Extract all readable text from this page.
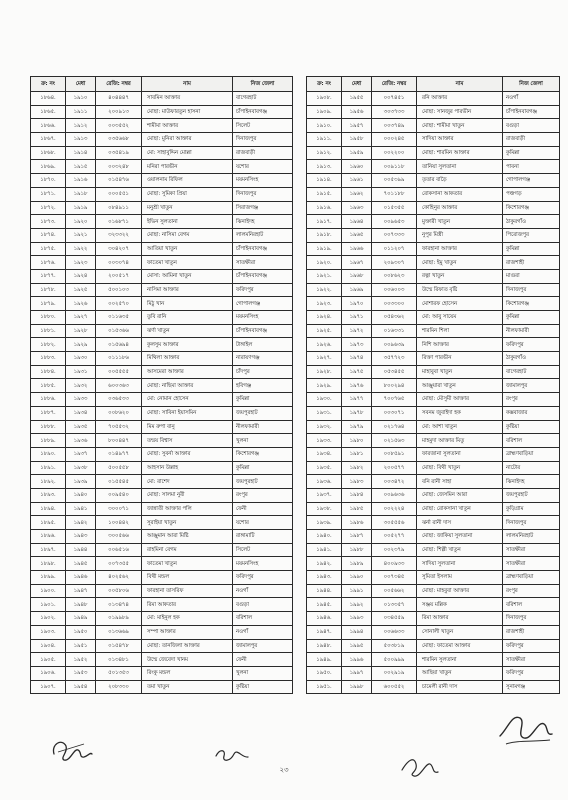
ক্র: নং	মেধা	রেজি: নম্বর	নাম	নিজ জেলা
১৮৬৪.	১৯১০	৪০৪৪৪৭	সাবমিন আক্তার	বাগেরহাট
১৮৬৫.	১৯১১	২০০৯১৩	মোছা: মাউফারতুন হাসনা	চাঁপাইনবাবগঞ্জ
১৮৬৬.	১৯১২	০০৩৫৫২	শামীমা আক্তার	সিলেট
১৮৬৭.	১৯১৩	০৩৫৬৬৮	মোছা: মুনিরা আক্তার	দিনাজপুর
১৮৬৮.	১৯১৪	০৩৫৪১৯	মো: সাহাবুদ্দিন মোল্লা	রাজবাড়ী
১৮৬৯.	১৯১৫	০০৩২৪৮	মনিরা পারভীন	যশোর
১৮৭০.	১৯১৬	০১৫৪৭৬	ওয়ালনাম রিফিল	ময়মনসিংহ
১৮৭১.	১৯১৮	০০০৫৫১	মোছা: সুমিকা প্রিয়া	দিনাজপুর
১৮৭২.	১৯১৯	০৮৪৯১১	মনুশ্রী খাতুন	সিরাজগঞ্জ
১৮৭৩.	১৯২০	০১৬৮৭১	ইভিন সুলতানা	ঝিনাইদহ
১৮৭৪.	১৯২১	৩২৩৩২২	মোছা: নাসিমা বেগম	লালমনিরহাট
১৮৭৫.	১৯২২	৩০৪২০৭	আতিয়া খাতুন	চাঁপাইনবাবগঞ্জ
১৮৭৬.	১৯২৩	০০৩০৭৪	ফাতেমা খাতুন	সাতক্ষীরা
১৮৭৭.	১৯২৪	২০০৫১৭	মোসা: আমিনা খাতুন	চাঁপাইনবাবগঞ্জ
১৮৭৮.	১৯২৫	৫০০১০৩	নাসিমা আক্তার	ফরিদপুর
১৮৭৯.	১৯২৬	০০২৫৭০	মিঠু খান	গোপালগঞ্জ
১৮৮০.	১৯২৭	০১১৬৩৫	তুবি রানি	ময়মনসিংহ
১৮৮১.	১৯২৮	০১৫৩৬৬	ঝর্ণা খাতুন	চাঁপাইনবাবগঞ্জ
১৮৮২.	১৯২৯	০১৫৬৯৪	কুলসুম আক্তার	টাঙ্গাইল
১৮৮৩.	১৯৩০	০১১১৮৬	মিথিলা আক্তার	নারায়ণগঞ্জ
১৮৮৪.	১৯৩১	০০৫৫৫৫	আসমেরা আক্তার	চাঁদপুর
১৮৮৫.	১৯৩২	৬০০৩৬৩	মোছা: নাছিমা আক্তার	হবিগঞ্জ
১৮৮৬.	১৯৩৩	০৩৬৫৩৩	মো: নোমান হোসেন	কুমিল্লা
১৮৮৭.	১৯৩৪	০০৮৬২০	মোছা: সাবিনা ইয়াসমিন	জয়পুরহাট
১৮৮৮.	১৯৩৫	৭০৫৫৩২	মিম রুপা বানু	নীলফামারী
১৮৮৯.	১৯৩৬	৮০০৪৪৭	তন্ময় বিশ্বাস	খুলনা
১৮৯০.	১৯৩৭	০১৪৯৭৭	মোছা: সুবর্না আক্তার	কিশোরগঞ্জ
১৮৯১.	১৯৩৮	৫০০৫৫৮	আহসান উল্লাহ	কুমিল্লা
১৮৯২.	১৯৩৯	০১৫৫৪৫	মো: রাশেদ	জয়পুরহাট
১৮৯৩.	১৯৪০	০০৯৫৪০	মোছা: সালমা নুরী	রংপুর
১৮৯৪.	১৯৪১	৩০০০৭১	জান্নাতী আক্তার পলি	ফেনী
১৮৯৫.	১৯৪২	১০০৪৪২	সুরাইয়া খাতুন	যশোর
১৮৯৬.	১৯৪৩	৩০০৫৬৬	আঞ্জুমান আরা মিষ্টি	রাঙ্গামাটি
১৮৯৭.	১৯৪৪	০০৬৫১৬	রাহমিনা বেগম	সিলেট
১৮৯৮.	১৯৪৫	০০৭৩৫৫	ফাতেমা খাতুন	ময়মনসিংহ
১৮৯৯.	১৯৪৬	৪০২৫৬২	বিথী মন্ডল	ফরিদপুর
১৯০০.	১৯৪৭	০০৫৮০৬	ফারহানা তাসরিফ	নওগাঁ
১৯০১.	১৯৪৮	০১৩৪৭৪	রিমা আকতার	বগুড়া
১৯০২.	১৯৪৯	০১৯৯৮৯	মো: মাইনুল হক	বরিশাল
১৯০৩.	১৯৫০	০১৩৬৬৯	সম্পা আক্তার	নওগাঁ
১৯০৪.	১৯৫১	০১৫৪৭৮	মোছা: তানজিলা আক্তার	জামালপুর
১৯০৫.	১৯৫২	০১৩৪৮১	উম্মে জেবেদা খানম	ফেনী
১৯০৬.	১৯৫৩	৫০১৩৫৩	রিংকু মন্ডল	খুলনা
১৯০৭.	১৯৫৪	২০৮৩৩০	তমা খাতুন	কুষ্টিয়া
ক্র: নং	মেধা	রেজি: নম্বর	নাম	নিজ জেলা
১৯০৮.	১৯৫৫	০০৭৪৫১	রনি আক্তার	নওগাঁ
১৯০৯.	১৯৫৬	৩০৩৭৩৩	মোছা: সানজুর পারভীন	চাঁপাইনবাবগঞ্জ
১৯১০.	১৯৫৭	০০৩৭৪৯	মোছা: শামীমা খাতুন	বগুড়া
১৯১১.	১৯৫৮	০০০২৪৫	সাদিয়া আক্তার	রাজবাড়ী
১৯১২.	১৯৫৯	০০২২০০	মোছা: শারমিন আক্তার	কুমিল্লা
১৯১৩.	১৯৬০	০০৯১১৮	তানিয়া সুলতানা	পাবনা
১৯১৪.	১৯৬১	০০৫৩৯৯	তৃতার বাড়ৈ	গোপালগঞ্জ
১৯১৫.	১৯৬২	৭০১১৮৮	রোকসানা আকতার	পঞ্চগড়
১৯১৬.	১৯৬৩	০১৫৩৫৫	কোহিনুর আক্তার	কিশোরগঞ্জ
১৯১৭.	১৯৬৪	০০৯৬৫৩	মুক্তারী খাতুন	ঠাকুরগাঁও
১৯১৮.	১৯৬৫	০০৭৩৩৩	নুপুর মিস্ত্রী	পিরোজপুর
১৯১৯.	১৯৬৬	০১১২০৭	ফারহানা আক্তার	কুমিল্লা
১৯২০.	১৯৬৭	২০৯৩০৭	মোছা: ইমু খাতুন	রাজশাহী
১৯২১.	১৯৬৮	০০৮৬২৩	রত্না খাতুন	মাগুরা
১৯২২.	১৯৬৯	০০৬০০৩	উম্মে রিফাত বৃষ্টি	দিনাজপুর
১৯২৩.	১৯৭০	০০৩৩০০	মোশারফ হোসেন	কিশোরগঞ্জ
১৯২৪.	১৯৭১	০৫৪৩৬২	মো: আবু সায়েম	কুমিল্লা
১৯২৫.	১৯৭২	০১৬৩৩১	শারমিন শিলা	নীলফামারী
১৯২৬.	১৯৭৩	০০৯৬৩৯	নিশি আক্তার	ফরিদপুর
১৯২৭.	১৯৭৪	৩৫৭৭২৩	রিক্তা পারভীন	ঠাকুরগাঁও
১৯২৮.	১৯৭৫	০৫৩৪৫৫	মাহাবুবা খাতুন	বাগেরহাট
১৯২৯.	১৯৭৬	৮০০২৯৪	আঞ্জুয়ারা খাতুন	জামালপুর
১৯৩০.	১৯৭৭	৭০০৭৬৫	মোছা: মৌসুমী আক্তার	রংপুর
১৯৩১.	১৯৭৮	০০৩০৭১	সবনম জুবাইদা হক	কক্সবাজার
১৯৩২.	১৯৭৯	০২১৭৬৪	মো: আশা খাতুন	কুষ্টিয়া
১৯৩৩.	১৯৮০	০২১৫৬৩	মাহমুদা আক্তার মিতু	বরিশাল
১৯৩৪.	১৯৮১	০০৮৫৯১	ফারজানা সুলতানা	ব্রাহ্মণবাড়িয়া
১৯৩৫.	১৯৮২	২০০৫৭৭	মোছা: বিথী খাতুন	নাটোর
১৯৩৬.	১৯৮৩	০০৩৪৭২	বনি রানী সাহা	ঝিনাইদহ
১৯৩৭.	১৯৮৪	০০৯৬৩৬	মোছা: জেসমিন আরা	জয়পুরহাট
১৯৩৮.	১৯৮৫	০০২২২৪	মোছা: রোকসানা খাতুন	কুড়িগ্রাম
১৯৩৯.	১৯৮৬	৩০৫৫৫৬	ঝর্না রানী দাস	দিনাজপুর
১৯৪০.	১৯৮৭	০০৫২৭৭	মোছা: জাকিয়া সুলতানা	লালমনিরহাট
১৯৪১.	১৯৮৮	০০২৩৭৯	মোছা: শিল্পী খাতুন	সাতক্ষীরা
১৯৪২.	১৯৮৯	৪০০৯৩৩	সাদিয়া সুলতানা	সাতক্ষীরা
১৯৪৩.	১৯৯০	০০৭৩৪৫	সুমিতা ইসলাম	ব্রাহ্মণবাড়িয়া
১৯৪৪.	১৯৯১	০০৫৬৬২	মোছা: মাহবুবা আক্তার	রংপুর
১৯৪৫.	১৯৯২	০১৩৩৫৭	সঞ্জয় মল্লিক	বরিশাল
১৯৪৬.	১৯৯৩	০৩৪৫৫৯	রিমা আক্তার	দিনাজপুর
১৯৪৭.	১৯৯৪	০০৬৬৩৩	সোনালী খাতুন	রাজশাহী
১৯৪৮.	১৯৯৫	৫০৩৮১৯	মোছা: ফাতেমা আক্তার	ফরিদপুর
১৯৪৯.	১৯৯৬	৫০০৯৯৯	শারমিন সুলতানা	সাতক্ষীরা
১৯৫০.	১৯৯৭	০০২৯১৯	আছিয়া খাতুন	ফরিদপুর
১৯৫১.	১৯৯৮	৬০০৫৫২	চামেলী রানী দাস	সুনামগঞ্জ
২৩
